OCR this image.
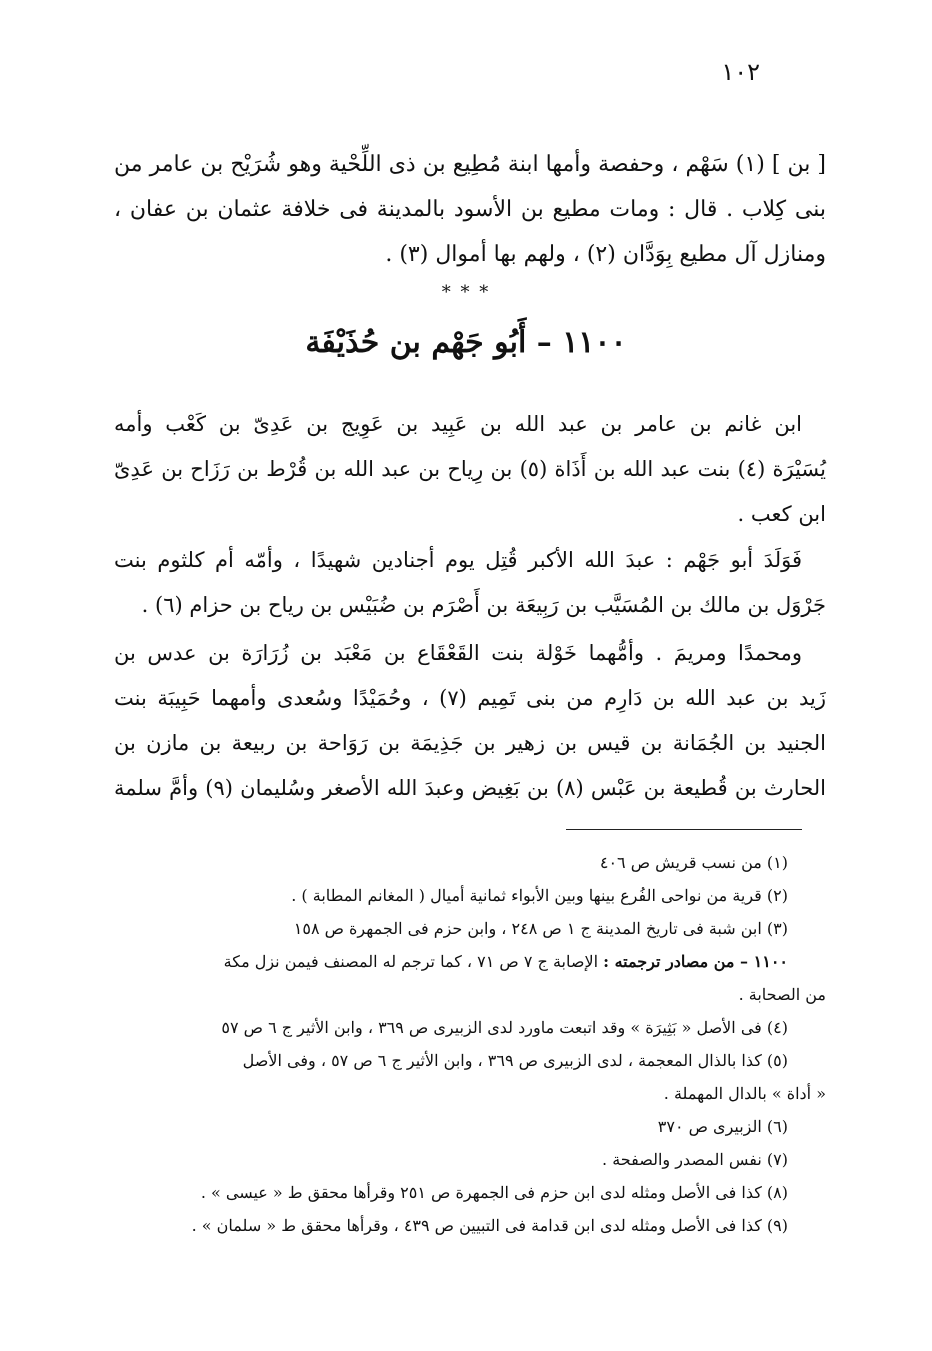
١٠٢
[ بن ] (١) سَهْم ، وحفصة وأمها ابنة مُطِيع بن ذى اللِّحْية وهو شُرَيْح بن عامر من
بنى كِلاب . قال : ومات مطيع بن الأسود بالمدينة فى خلافة عثمان بن عفان ،
ومنازل آل مطيع بِوَدَّان (٢) ، ولهم بها أموال (٣) .
* * *
١١٠٠ – أَبُو جَهْم بن حُذَيْفَة
ابن غانم بن عامر بن عبد الله بن عَبِيد بن عَوِيج بن عَدِىّ بن كَعْب وأمه
يُسَيْرَة (٤) بنت عبد الله بن أَذَاة (٥) بن رِياح بن عبد الله بن قُرْط بن رَزَاح بن عَدِىّ
ابن كعب .
فَوَلَدَ أبو جَهْم : عبدَ الله الأكبر قُتِل يوم أجنادين شهيدًا ، وأمّه أم كلثوم بنت
جَرْوَل بن مالك بن المُسَيَّب بن رَبِيعَة بن أَصْرَم بن ضُبَيْس بن رياح بن حزام (٦) .
ومحمدًا ومريمَ . وأمُّهما خَوْلة بنت القَعْقَاع بن مَعْبَد بن زُرَارَة بن عدس بن
زَيد بن عبد الله بن دَارِم من بنى تَمِيم (٧) ، وحُمَيْدًا وسُعدى وأمهما حَبِيبَة بنت
الجنيد بن الجُمَانة بن قيس بن زهير بن جَذِيمَة بن رَوَاحة بن ربيعة بن مازن بن
الحارث بن قُطيعة بن عَبْس (٨) بن بَغِيض وعبدَ الله الأصغر وسُليمان (٩) وأمَّ سلمة
(١) من نسب قريش ص ٤٠٦
(٢) قرية من نواحى الفُرع بينها وبين الأبواء ثمانية أميال ( المغانم المطابة ) .
(٣) ابن شبة فى تاريخ المدينة ج ١ ص ٢٤٨ ، وابن حزم فى الجمهرة ص ١٥٨
١١٠٠ – من مصادر ترجمته : الإصابة ج ٧ ص ٧١ ، كما ترجم له المصنف فيمن نزل مكة
من الصحابة .
(٤) فى الأصل « بَثِيرَة » وقد اتبعت ماورد لدى الزبيرى ص ٣٦٩ ، وابن الأثير ج ٦ ص ٥٧
(٥) كذا بالذال المعجمة ، لدى الزبيرى ص ٣٦٩ ، وابن الأثير ج ٦ ص ٥٧ ، وفى الأصل
« أداة » بالدال المهملة .
(٦) الزبيرى ص ٣٧٠
(٧) نفس المصدر والصفحة .
(٨) كذا فى الأصل ومثله لدى ابن حزم فى الجمهرة ص ٢٥١ وقرأها محقق ط « عيسى » .
(٩) كذا فى الأصل ومثله لدى ابن قدامة فى التبيين ص ٤٣٩ ، وقرأها محقق ط « سلمان » .
